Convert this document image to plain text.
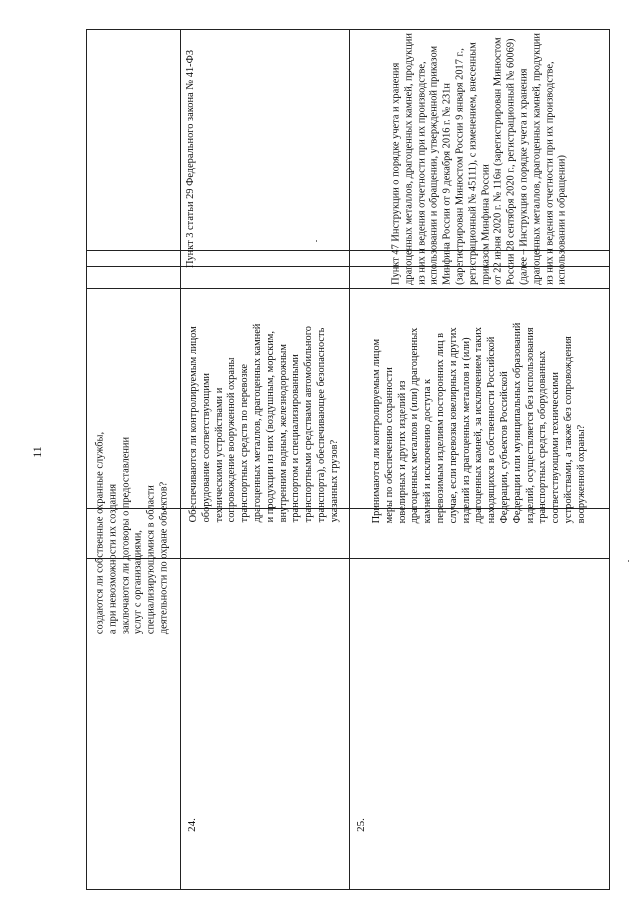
11

создаются ли собственные охранные службы,
а при невозможности их создания
заключаются ли договоры о предоставлении
услуг с организациями,
специализирующимися в области
деятельности по охране объектов?

24.

Обеспечиваются ли контролируемым лицом
оборудование соответствующими
техническими устройствами и
сопровождение вооруженной охраны
транспортных средств по перевозке
драгоценных металлов, драгоценных камней
и продукции из них (воздушным, морским,
внутренним водным, железнодорожным
транспортом и специализированными
транспортными средствами автомобильного
транспорта), обеспечивающее безопасность
указанных грузов?

Пункт 3 статьи 29 Федерального закона № 41-ФЗ
25.

Принимаются ли контролируемым лицом
меры по обеспечению сохранности
ювелирных и других изделий из
драгоценных металлов и (или) драгоценных
камней и исключению доступа к
перевозимым изделиям посторонних лиц в
случае, если перевозка ювелирных и других
изделий из драгоценных металлов и (или)
драгоценных камней, за исключением таких
находящихся в собственности Российской
Федерации, субъектов Российской
Федерации или муниципальных образований
изделий, осуществляется без использования
транспортных средств, оборудованных
соответствующими техническими
устройствами, а также без сопровождения
вооруженной охраны?

Пункт 47 Инструкции о порядке учета и хранения
драгоценных металлов, драгоценных камней, продукции
из них и ведения отчетности при их производстве,
использовании и обращении, утвержденной приказом
Минфина России от 9 декабря 2016 г. № 231н
(зарегистрирован Минюстом России 9 января 2017 г.,
регистрационный № 45111), с изменением, внесенным
приказом Минфина России
от 22 июня 2020 г. № 116н (зарегистрирован Минюстом
России 28 сентября 2020 г., регистрационный № 60069)
(далее – Инструкция о порядке учета и хранения
драгоценных металлов, драгоценных камней, продукции
из них и ведения отчетности при их производстве,
использовании и обращении)
